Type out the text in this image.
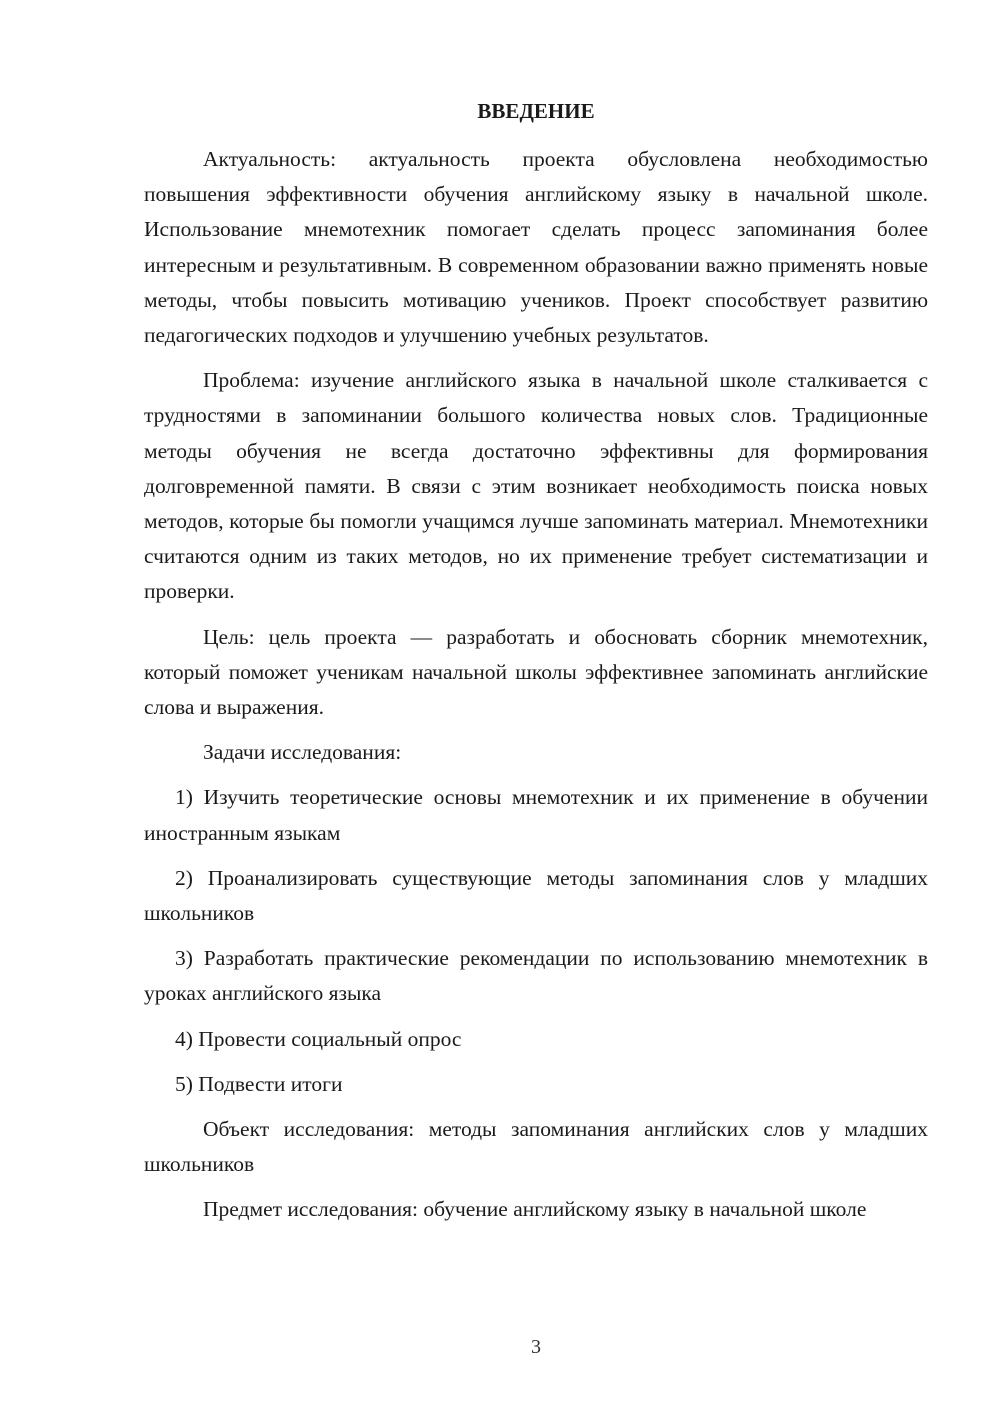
ВВЕДЕНИЕ

Актуальность: актуальность проекта обусловлена необходимостью повышения эффективности обучения английскому языку в начальной школе. Использование мнемотехник помогает сделать процесс запоминания более интересным и результативным. В современном образовании важно применять новые методы, чтобы повысить мотивацию учеников. Проект способствует развитию педагогических подходов и улучшению учебных результатов.

Проблема: изучение английского языка в начальной школе сталкивается с трудностями в запоминании большого количества новых слов. Традиционные методы обучения не всегда достаточно эффективны для формирования долговременной памяти. В связи с этим возникает необходимость поиска новых методов, которые бы помогли учащимся лучше запоминать материал. Мнемотехники считаются одним из таких методов, но их применение требует систематизации и проверки.

Цель: цель проекта — разработать и обосновать сборник мнемотехник, который поможет ученикам начальной школы эффективнее запоминать английские слова и выражения.

Задачи исследования:

1) Изучить теоретические основы мнемотехник и их применение в обучении иностранным языкам

2) Проанализировать существующие методы запоминания слов у младших школьников

3) Разработать практические рекомендации по использованию мнемотехник в уроках английского языка

4) Провести социальный опрос

5) Подвести итоги

Объект исследования: методы запоминания английских слов у младших школьников

Предмет исследования: обучение английскому языку в начальной школе

3
